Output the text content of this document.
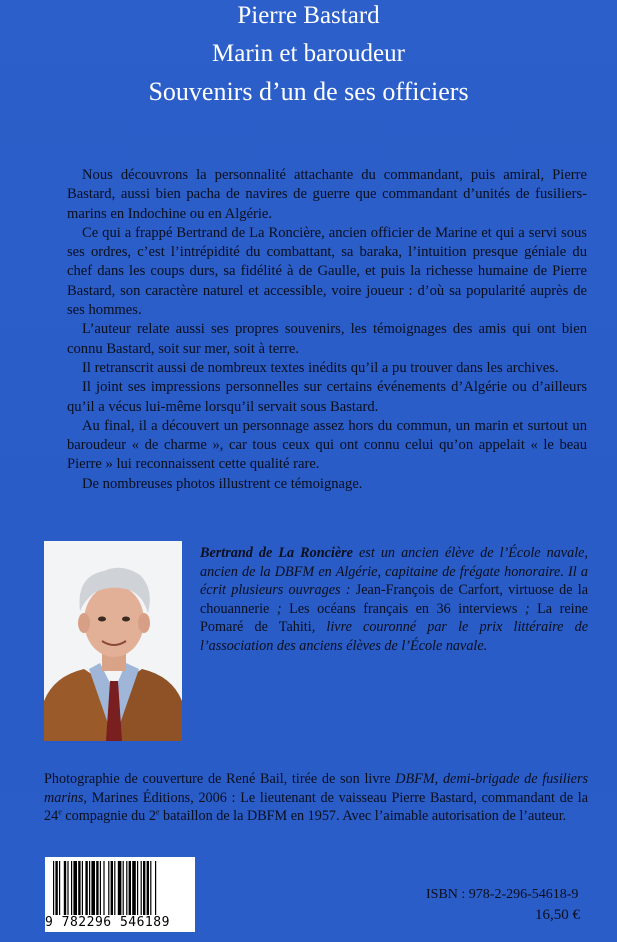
Pierre Bastard
Marin et baroudeur
Souvenirs d’un de ses officiers

Nous découvrons la personnalité attachante du commandant, puis amiral, Pierre Bastard, aussi bien pacha de navires de guerre que commandant d’unités de fusiliers-marins en Indochine ou en Algérie.

Ce qui a frappé Bertrand de La Roncière, ancien officier de Marine et qui a servi sous ses ordres, c’est l’intrépidité du combattant, sa baraka, l’intuition presque géniale du chef dans les coups durs, sa fidélité à de Gaulle, et puis la richesse humaine de Pierre Bastard, son caractère naturel et accessible, voire joueur : d’où sa popularité auprès de ses hommes.

L’auteur relate aussi ses propres souvenirs, les témoignages des amis qui ont bien connu Bastard, soit sur mer, soit à terre.

Il retranscrit aussi de nombreux textes inédits qu’il a pu trouver dans les archives.

Il joint ses impressions personnelles sur certains événements d’Algérie ou d’ailleurs qu’il a vécus lui-même lorsqu’il servait sous Bastard.

Au final, il a découvert un personnage assez hors du commun, un marin et surtout un baroudeur « de charme », car tous ceux qui ont connu celui qu’on appelait « le beau Pierre » lui reconnaissent cette qualité rare.

De nombreuses photos illustrent ce témoignage.

Bertrand de La Roncière est un ancien élève de l’École navale, ancien de la DBFM en Algérie, capitaine de frégate honoraire. Il a écrit plusieurs ouvrages : Jean-François de Carfort, virtuose de la chouannerie ; Les océans français en 36 interviews ; La reine Pomaré de Tahiti, livre couronné par le prix littéraire de l’association des anciens élèves de l’École navale.
Photographie de couverture de René Bail, tirée de son livre DBFM, demi-brigade de fusiliers marins, Marines Éditions, 2006 : Le lieutenant de vaisseau Pierre Bastard, commandant de la 24e compagnie du 2e bataillon de la DBFM en 1957. Avec l’aimable autorisation de l’auteur.
9 782296 546189
ISBN : 978-2-296-54618-9
16,50 €
